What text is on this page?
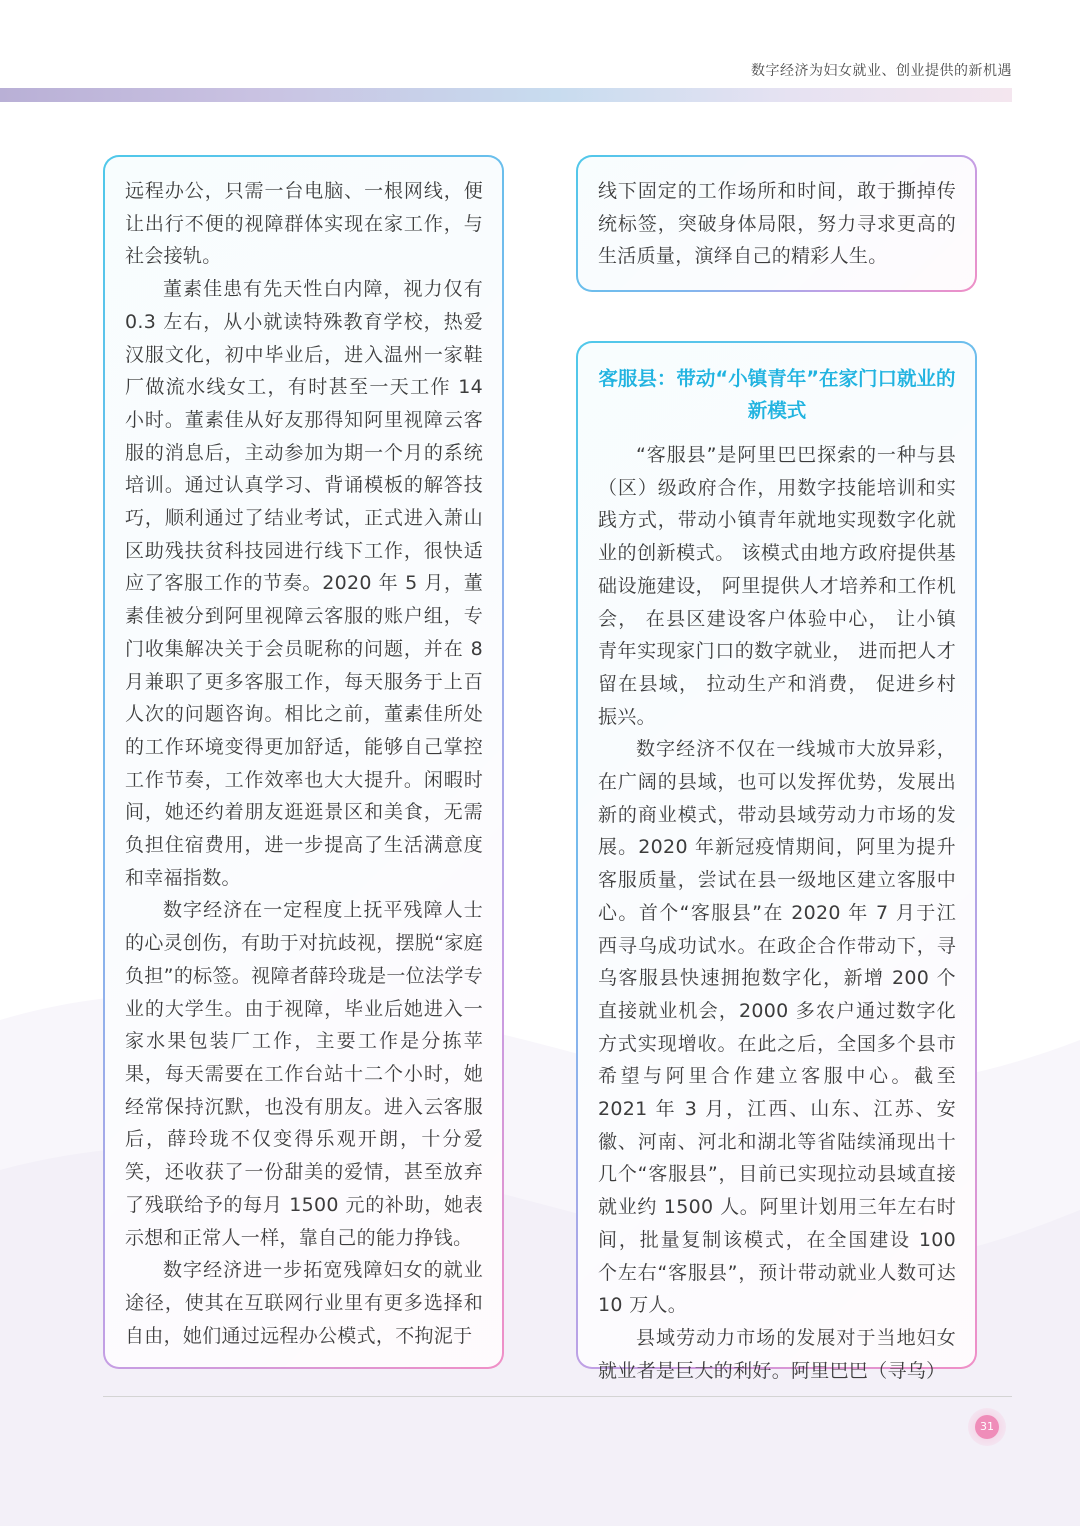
数字经济为妇女就业、创业提供的新机遇

远程办公，只需一台电脑、一根网线，便让出行不便的视障群体实现在家工作，与社会接轨。

董素佳患有先天性白内障，视力仅有0.3 左右，从小就读特殊教育学校，热爱汉服文化，初中毕业后，进入温州一家鞋厂做流水线女工，有时甚至一天工作 14 小时。董素佳从好友那得知阿里视障云客服的消息后，主动参加为期一个月的系统培训。通过认真学习、背诵模板的解答技巧，顺利通过了结业考试，正式进入萧山区助残扶贫科技园进行线下工作，很快适应了客服工作的节奏。2020 年 5 月，董素佳被分到阿里视障云客服的账户组，专门收集解决关于会员昵称的问题，并在 8 月兼职了更多客服工作，每天服务于上百人次的问题咨询。相比之前，董素佳所处的工作环境变得更加舒适，能够自己掌控工作节奏，工作效率也大大提升。闲暇时间，她还约着朋友逛逛景区和美食，无需负担住宿费用，进一步提高了生活满意度和幸福指数。

数字经济在一定程度上抚平残障人士的心灵创伤，有助于对抗歧视，摆脱“家庭负担”的标签。视障者薛玲珑是一位法学专业的大学生。由于视障，毕业后她进入一家水果包装厂工作，主要工作是分拣苹果，每天需要在工作台站十二个小时，她经常保持沉默，也没有朋友。进入云客服后，薛玲珑不仅变得乐观开朗，十分爱笑，还收获了一份甜美的爱情，甚至放弃了残联给予的每月 1500 元的补助，她表示想和正常人一样，靠自己的能力挣钱。

数字经济进一步拓宽残障妇女的就业途径，使其在互联网行业里有更多选择和自由，她们通过远程办公模式，不拘泥于

线下固定的工作场所和时间，敢于撕掉传统标签，突破身体局限，努力寻求更高的生活质量，演绎自己的精彩人生。

客服县：带动“小镇青年”在家门口就业的新模式

“客服县”是阿里巴巴探索的一种与县（区）级政府合作，用数字技能培训和实践方式，带动小镇青年就地实现数字化就业的创新模式。 该模式由地方政府提供基础设施建设， 阿里提供人才培养和工作机会， 在县区建设客户体验中心， 让小镇青年实现家门口的数字就业， 进而把人才留在县域， 拉动生产和消费， 促进乡村振兴。

数字经济不仅在一线城市大放异彩，在广阔的县域，也可以发挥优势，发展出新的商业模式，带动县域劳动力市场的发展。2020 年新冠疫情期间，阿里为提升客服质量，尝试在县一级地区建立客服中心。首个“客服县”在 2020 年 7 月于江西寻乌成功试水。在政企合作带动下，寻乌客服县快速拥抱数字化，新增 200 个直接就业机会，2000 多农户通过数字化方式实现增收。在此之后，全国多个县市希望与阿里合作建立客服中心。截至 2021 年 3 月，江西、山东、江苏、安徽、河南、河北和湖北等省陆续涌现出十几个“客服县”，目前已实现拉动县域直接就业约 1500 人。阿里计划用三年左右时间，批量复制该模式，在全国建设 100 个左右“客服县”，预计带动就业人数可达 10 万人。

县域劳动力市场的发展对于当地妇女就业者是巨大的利好。阿里巴巴（寻乌）

31
